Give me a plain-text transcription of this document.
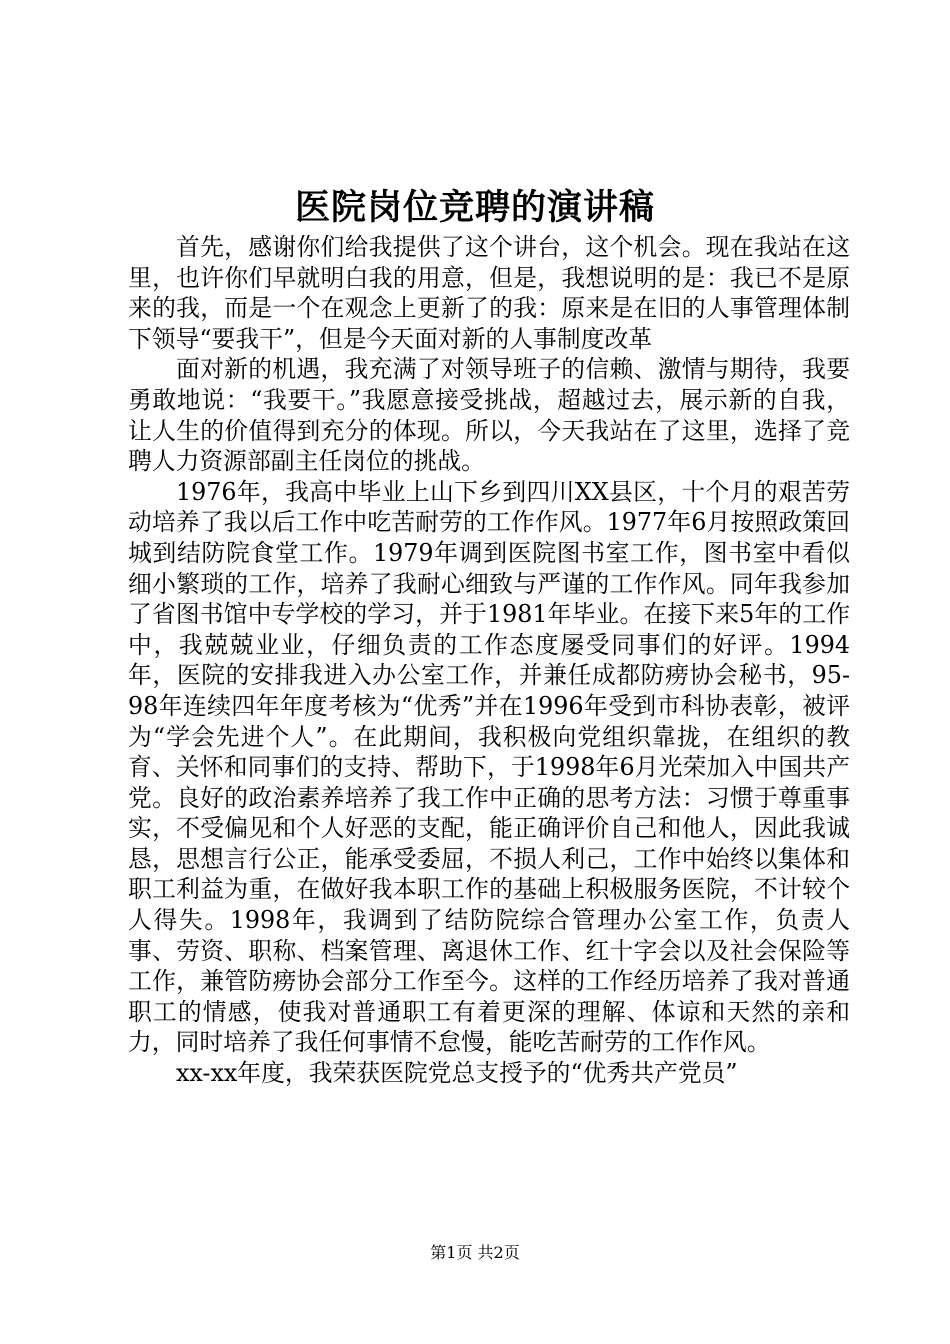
医院岗位竞聘的演讲稿

首先，感谢你们给我提供了这个讲台，这个机会。现在我站在这里，也许你们早就明白我的用意，但是，我想说明的是：我已不是原来的我，而是一个在观念上更新了的我：原来是在旧的人事管理体制下领导“要我干”，但是今天面对新的人事制度改革

面对新的机遇，我充满了对领导班子的信赖、激情与期待，我要勇敢地说：“我要干。”我愿意接受挑战，超越过去，展示新的自我，让人生的价值得到充分的体现。所以，今天我站在了这里，选择了竞聘人力资源部副主任岗位的挑战。

1976年，我高中毕业上山下乡到四川XX县区，十个月的艰苦劳动培养了我以后工作中吃苦耐劳的工作作风。1977年6月按照政策回城到结防院食堂工作。1979年调到医院图书室工作，图书室中看似细小繁琐的工作，培养了我耐心细致与严谨的工作作风。同年我参加了省图书馆中专学校的学习，并于1981年毕业。在接下来5年的工作中，我兢兢业业，仔细负责的工作态度屡受同事们的好评。1994年，医院的安排我进入办公室工作，并兼任成都防痨协会秘书，95-98年连续四年年度考核为“优秀”并在1996年受到市科协表彰，被评为“学会先进个人”。在此期间，我积极向党组织靠拢，在组织的教育、关怀和同事们的支持、帮助下，于1998年6月光荣加入中国共产党。良好的政治素养培养了我工作中正确的思考方法：习惯于尊重事实，不受偏见和个人好恶的支配，能正确评价自己和他人，因此我诚恳，思想言行公正，能承受委屈，不损人利己，工作中始终以集体和职工利益为重，在做好我本职工作的基础上积极服务医院，不计较个人得失。1998年，我调到了结防院综合管理办公室工作，负责人事、劳资、职称、档案管理、离退休工作、红十字会以及社会保险等工作，兼管防痨协会部分工作至今。这样的工作经历培养了我对普通职工的情感，使我对普通职工有着更深的理解、体谅和天然的亲和力，同时培养了我任何事情不怠慢，能吃苦耐劳的工作作风。

xx-xx年度，我荣获医院党总支授予的“优秀共产党员”

第1页 共2页
